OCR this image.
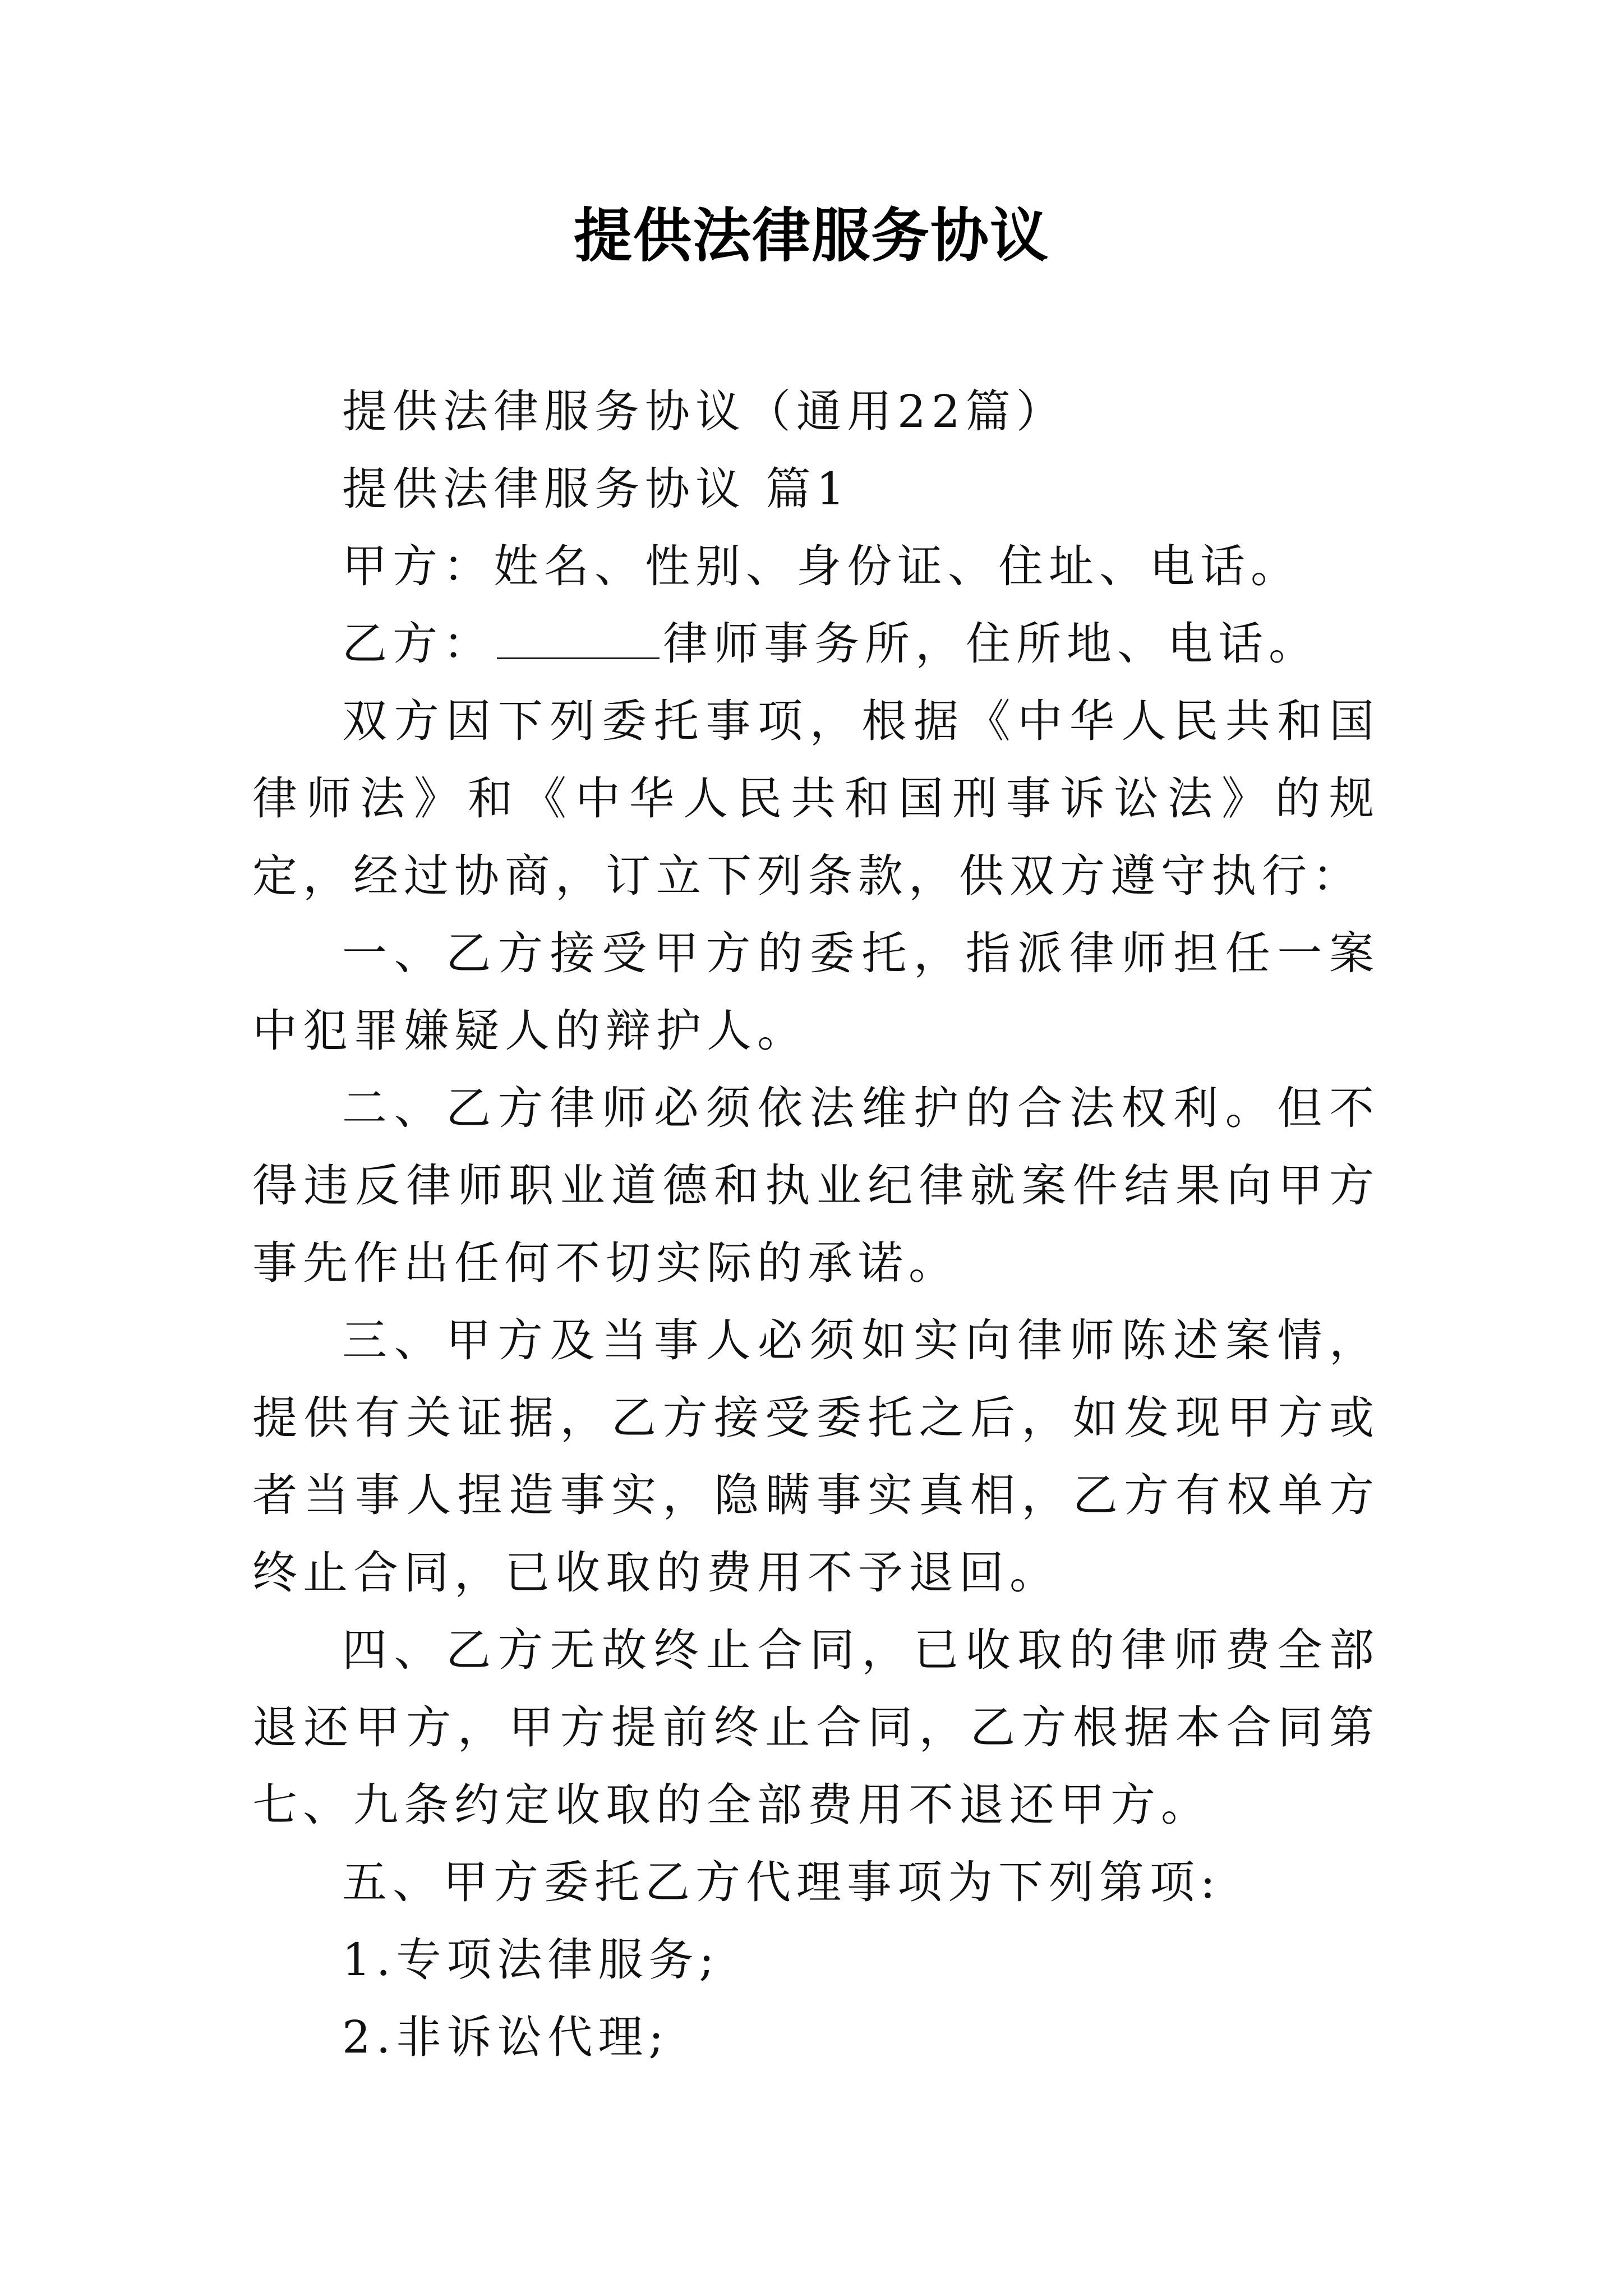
提供法律服务协议

提供法律服务协议（通用22篇）

提供法律服务协议 篇1

甲方：姓名、性别、身份证、住址、电话。

乙方：	律师事务所，住所地、电话。

双方因下列委托事项，根据《中华人民共和国律师法》和《中华人民共和国刑事诉讼法》的规定，经过协商，订立下列条款，供双方遵守执行：

一、乙方接受甲方的委托，指派律师担任一案中犯罪嫌疑人的辩护人。

二、乙方律师必须依法维护的合法权利。但不得违反律师职业道德和执业纪律就案件结果向甲方事先作出任何不切实际的承诺。

三、甲方及当事人必须如实向律师陈述案情，提供有关证据，乙方接受委托之后，如发现甲方或者当事人捏造事实，隐瞒事实真相，乙方有权单方终止合同，已收取的费用不予退回。

四、乙方无故终止合同，已收取的律师费全部退还甲方，甲方提前终止合同，乙方根据本合同第七、九条约定收取的全部费用不退还甲方。

五、甲方委托乙方代理事项为下列第项:

1.专项法律服务;

2.非诉讼代理;
